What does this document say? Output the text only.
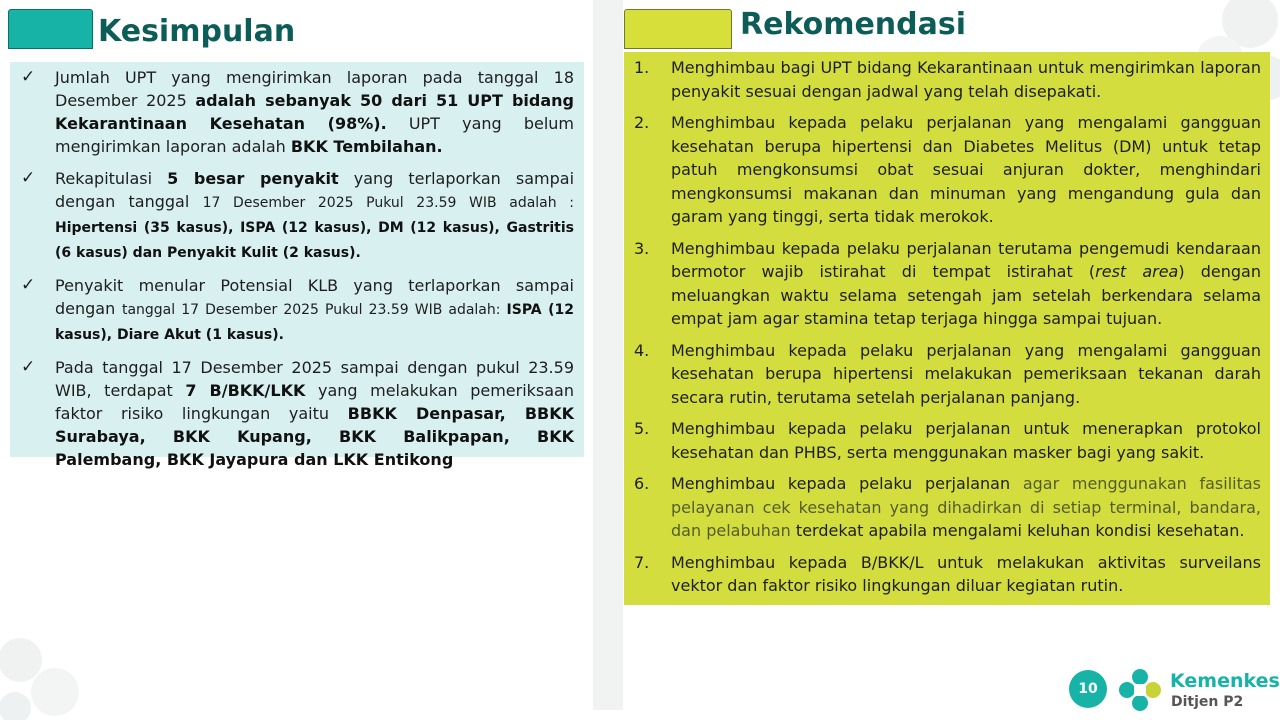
Kesimpulan
✓ Jumlah UPT yang mengirimkan laporan pada tanggal 18 Desember 2025 adalah sebanyak 50 dari 51 UPT bidang Kekarantinaan Kesehatan (98%). UPT yang belum mengirimkan laporan adalah BKK Tembilahan.
✓ Rekapitulasi 5 besar penyakit yang terlaporkan sampai dengan tanggal 17 Desember 2025 Pukul 23.59 WIB adalah : Hipertensi (35 kasus), ISPA (12 kasus), DM (12 kasus), Gastritis (6 kasus) dan Penyakit Kulit (2 kasus).
✓ Penyakit menular Potensial KLB yang terlaporkan sampai dengan tanggal 17 Desember 2025 Pukul 23.59 WIB adalah: ISPA (12 kasus), Diare Akut (1 kasus).
✓ Pada tanggal 17 Desember 2025 sampai dengan pukul 23.59 WIB, terdapat 7 B/BKK/LKK yang melakukan pemeriksaan faktor risiko lingkungan yaitu BBKK Denpasar, BBKK Surabaya, BKK Kupang, BKK Balikpapan, BKK Palembang, BKK Jayapura dan LKK Entikong
Rekomendasi
1. Menghimbau bagi UPT bidang Kekarantinaan untuk mengirimkan laporan penyakit sesuai dengan jadwal yang telah disepakati.
2. Menghimbau kepada pelaku perjalanan yang mengalami gangguan kesehatan berupa hipertensi dan Diabetes Melitus (DM) untuk tetap patuh mengkonsumsi obat sesuai anjuran dokter, menghindari mengkonsumsi makanan dan minuman yang mengandung gula dan garam yang tinggi, serta tidak merokok.
3. Menghimbau kepada pelaku perjalanan terutama pengemudi kendaraan bermotor wajib istirahat di tempat istirahat (rest area) dengan meluangkan waktu selama setengah jam setelah berkendara selama empat jam agar stamina tetap terjaga hingga sampai tujuan.
4. Menghimbau kepada pelaku perjalanan yang mengalami gangguan kesehatan berupa hipertensi melakukan pemeriksaan tekanan darah secara rutin, terutama setelah perjalanan panjang.
5. Menghimbau kepada pelaku perjalanan untuk menerapkan protokol kesehatan dan PHBS, serta menggunakan masker bagi yang sakit.
6. Menghimbau kepada pelaku perjalanan agar menggunakan fasilitas pelayanan cek kesehatan yang dihadirkan di setiap terminal, bandara, dan pelabuhan terdekat apabila mengalami keluhan kondisi kesehatan.
7. Menghimbau kepada B/BKK/L untuk melakukan aktivitas surveilans vektor dan faktor risiko lingkungan diluar kegiatan rutin.
10	Kemenkes
Ditjen P2
